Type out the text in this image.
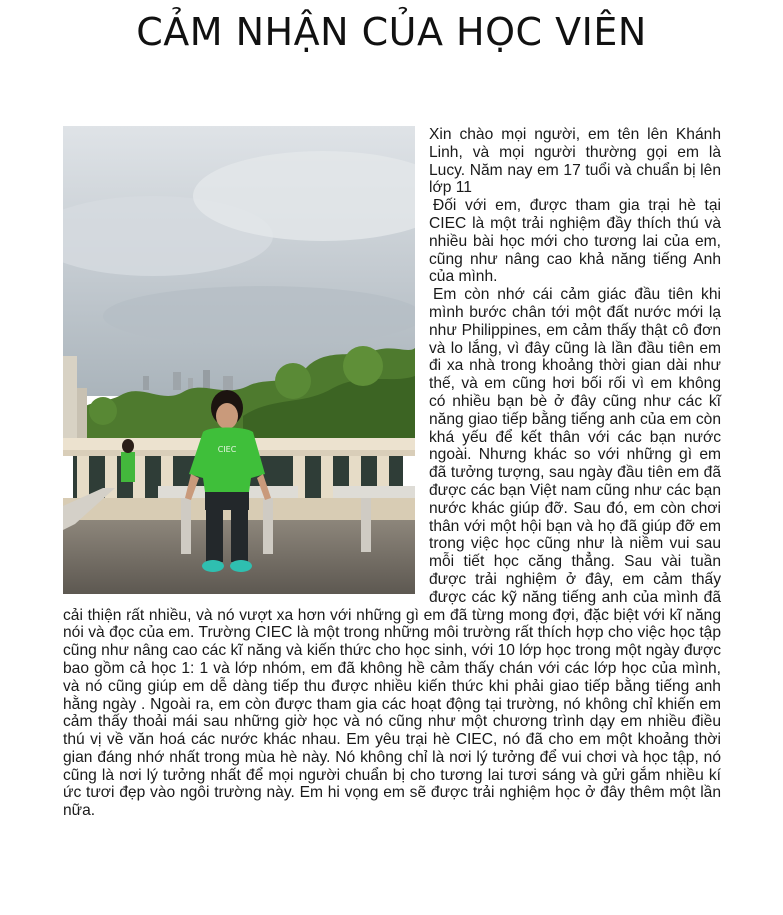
CẢM NHẬN CỦA HỌC VIÊN
CIEC

Xin chào mọi người, em tên lên Khánh Linh, và mọi người thường gọi em là Lucy. Năm nay em 17 tuổi và chuẩn bị lên lớp 11

Đối với em, được tham gia trại hè tại CIEC là một trải nghiệm đầy thích thú và nhiều bài học mới cho tương lai của em, cũng như nâng cao khả năng tiếng Anh của mình.

Em còn nhớ cái cảm giác đầu tiên khi mình bước chân tới một đất nước mới lạ như Philippines, em cảm thấy thật cô đơn và lo lắng, vì đây cũng là lần đầu tiên em đi xa nhà trong khoảng thời gian dài như thế, và em cũng hơi bối rối vì em không có nhiều bạn bè ở đây cũng như các kĩ năng giao tiếp bằng tiếng anh của em còn khá yếu để kết thân với các bạn nước ngoài. Nhưng khác so với những gì em đã tưởng tượng, sau ngày đầu tiên em đã được các bạn Việt nam cũng như các bạn nước khác giúp đỡ. Sau đó, em còn chơi thân với một hội bạn và họ đã giúp đỡ em trong việc học cũng như là niềm vui sau mỗi tiết học căng thẳng. Sau vài tuần được trải nghiệm ở đây, em cảm thấy được các kỹ năng tiếng anh của mình đã cải thiện rất nhiều, và nó vượt xa hơn với những gì em đã từng mong đợi, đặc biệt với kĩ năng nói và đọc của em. Trường CIEC là một trong những môi trường rất thích hợp cho việc học tập cũng như nâng cao các kĩ năng và kiến thức cho học sinh, với 10 lớp học trong một ngày được bao gồm cả học 1: 1 và lớp nhóm, em đã không hề cảm thấy chán với các lớp học của mình, và nó cũng giúp em dễ dàng tiếp thu được nhiều kiến thức khi phải giao tiếp bằng tiếng anh hằng ngày . Ngoài ra, em còn được tham gia các hoạt động tại trường, nó không chỉ khiến em cảm thấy thoải mái sau những giờ học và nó cũng như một chương trình dạy em nhiều điều thú vị về văn hoá các nước khác nhau. Em yêu trại hè CIEC, nó đã cho em một khoảng thời gian đáng nhớ nhất trong mùa hè này. Nó không chỉ là nơi lý tưởng để vui chơi và học tập, nó cũng là nơi lý tưởng nhất để mọi người chuẩn bị cho tương lai tươi sáng và gửi gắm nhiều kí ức tươi đẹp vào ngôi trường này. Em hi vọng em sẽ được trải nghiệm học ở đây thêm một lần nữa.
